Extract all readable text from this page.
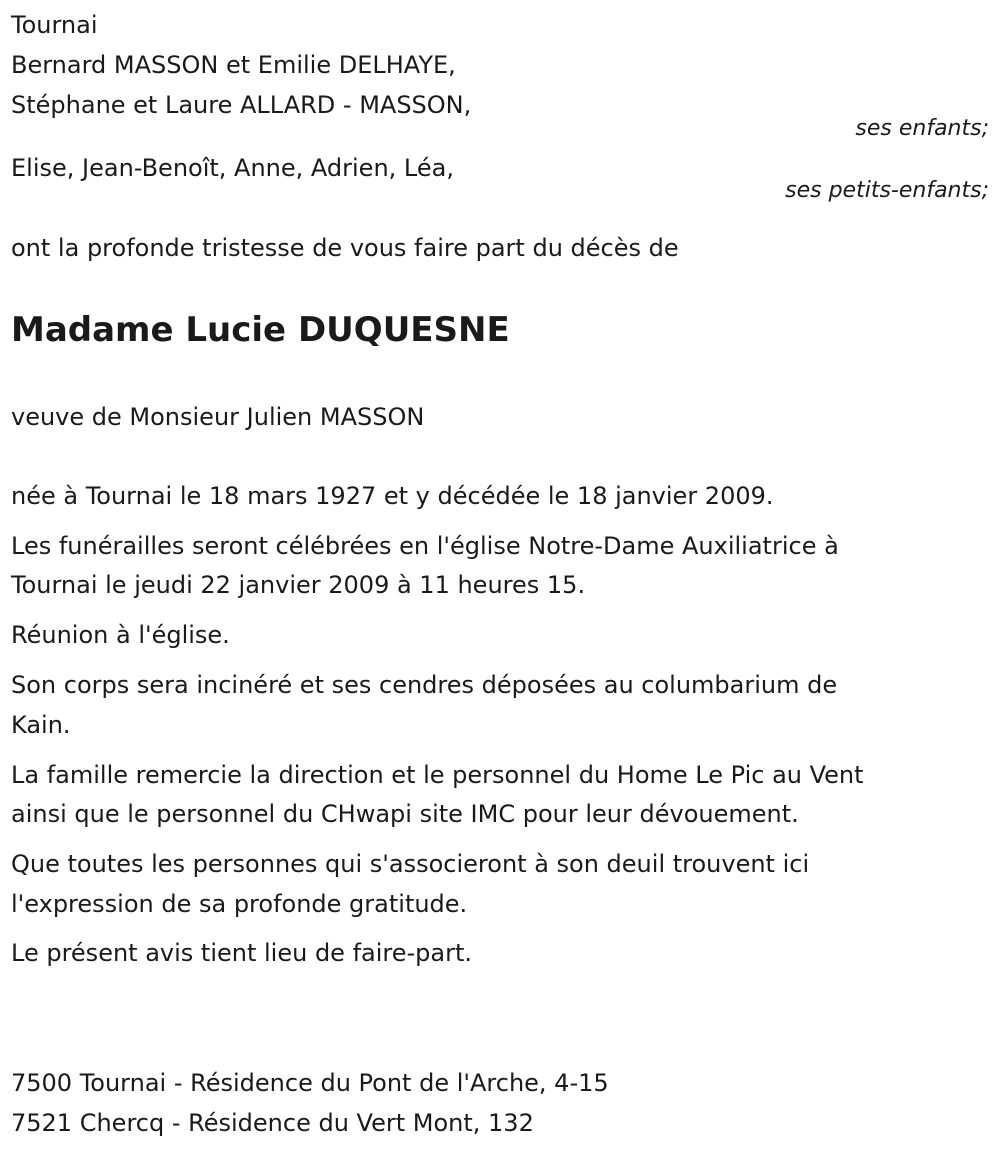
Tournai
Bernard MASSON et Emilie DELHAYE,
Stéphane et Laure ALLARD - MASSON,
ses enfants;
Elise, Jean-Benoît, Anne, Adrien, Léa,
ses petits-enfants;
ont la profonde tristesse de vous faire part du décès de
Madame Lucie DUQUESNE
veuve de Monsieur Julien MASSON
née à Tournai le 18 mars 1927 et y décédée le 18 janvier 2009.
Les funérailles seront célébrées en l'église Notre-Dame Auxiliatrice à
Tournai le jeudi 22 janvier 2009 à 11 heures 15.
Réunion à l'église.
Son corps sera incinéré et ses cendres déposées au columbarium de
Kain.
La famille remercie la direction et le personnel du Home Le Pic au Vent
ainsi que le personnel du CHwapi site IMC pour leur dévouement.
Que toutes les personnes qui s'associeront à son deuil trouvent ici
l'expression de sa profonde gratitude.
Le présent avis tient lieu de faire-part.
7500 Tournai - Résidence du Pont de l'Arche, 4-15
7521 Chercq - Résidence du Vert Mont, 132
